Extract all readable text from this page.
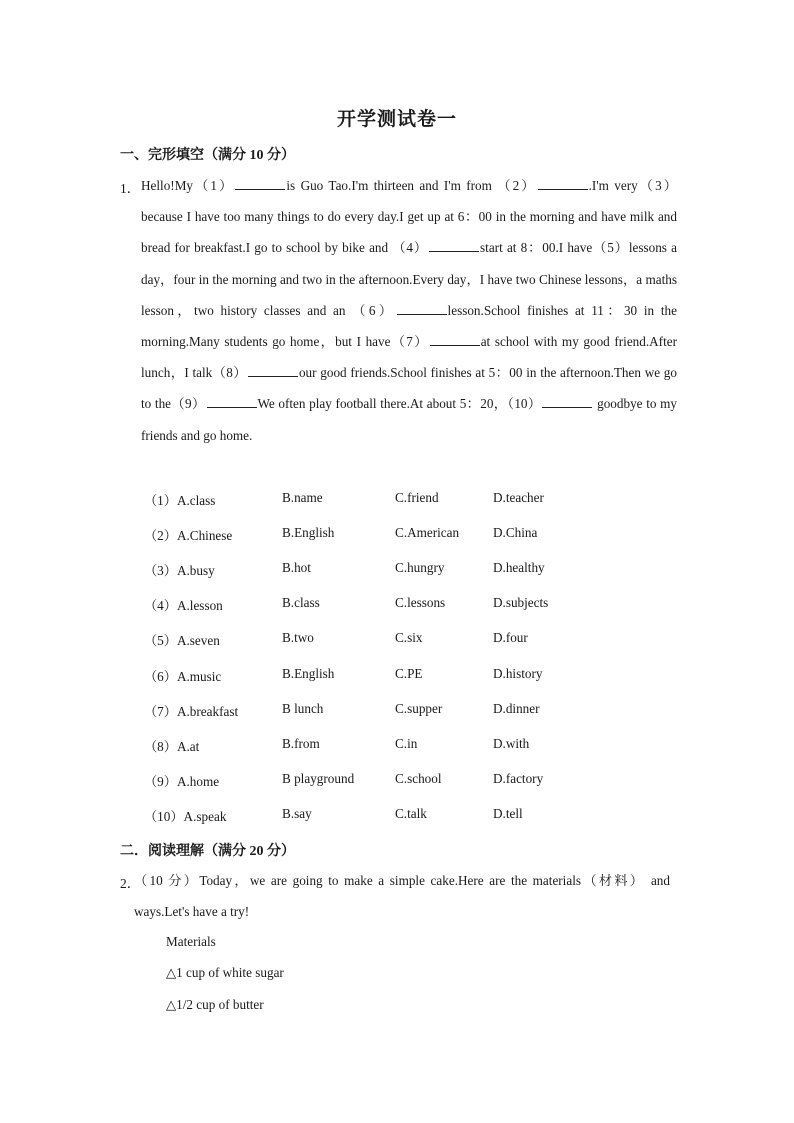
开学测试卷一
一、完形填空（满分 10 分）
1． Hello!My（1）	is Guo Tao.I'm thirteen and I'm from （2）	.I'm very（3）because I have too many things to do every day.I get up at 6：00 in the morning and have milk and bread for breakfast.I go to school by bike and （4）	start at 8：00.I have（5）lessons a day，four in the morning and two in the afternoon.Every day，I have two Chinese lessons，a maths lesson，two history classes and an （6）	lesson.School finishes at 11：30 in the morning.Many students go home，but I have（7）	at school with my good friend.After lunch，I talk（8）	our good friends.School finishes at 5：00 in the afternoon.Then we go to the（9）	We often play football there.At about 5：20，（10）	goodbye to my friends and go home.

（1）A.class	B.name	C.friend	D.teacher
（2）A.Chinese	B.English	C.American	D.China
（3）A.busy	B.hot	C.hungry	D.healthy
（4）A.lesson	B.class	C.lessons	D.subjects
（5）A.seven	B.two	C.six	D.four
（6）A.music	B.English	C.PE	D.history
（7）A.breakfast	B lunch	C.supper	D.dinner
（8）A.at	B.from	C.in	D.with
（9）A.home	B playground	C.school	D.factory
（10）A.speak	B.say	C.talk	D.tell
二．阅读理解（满分 20 分）
2．

（10 分）Today，we are going to make a simple cake.Here are the materials（材料） and ways.Let's have a try!

Materials
△1 cup of white sugar
△1/2 cup of butter
